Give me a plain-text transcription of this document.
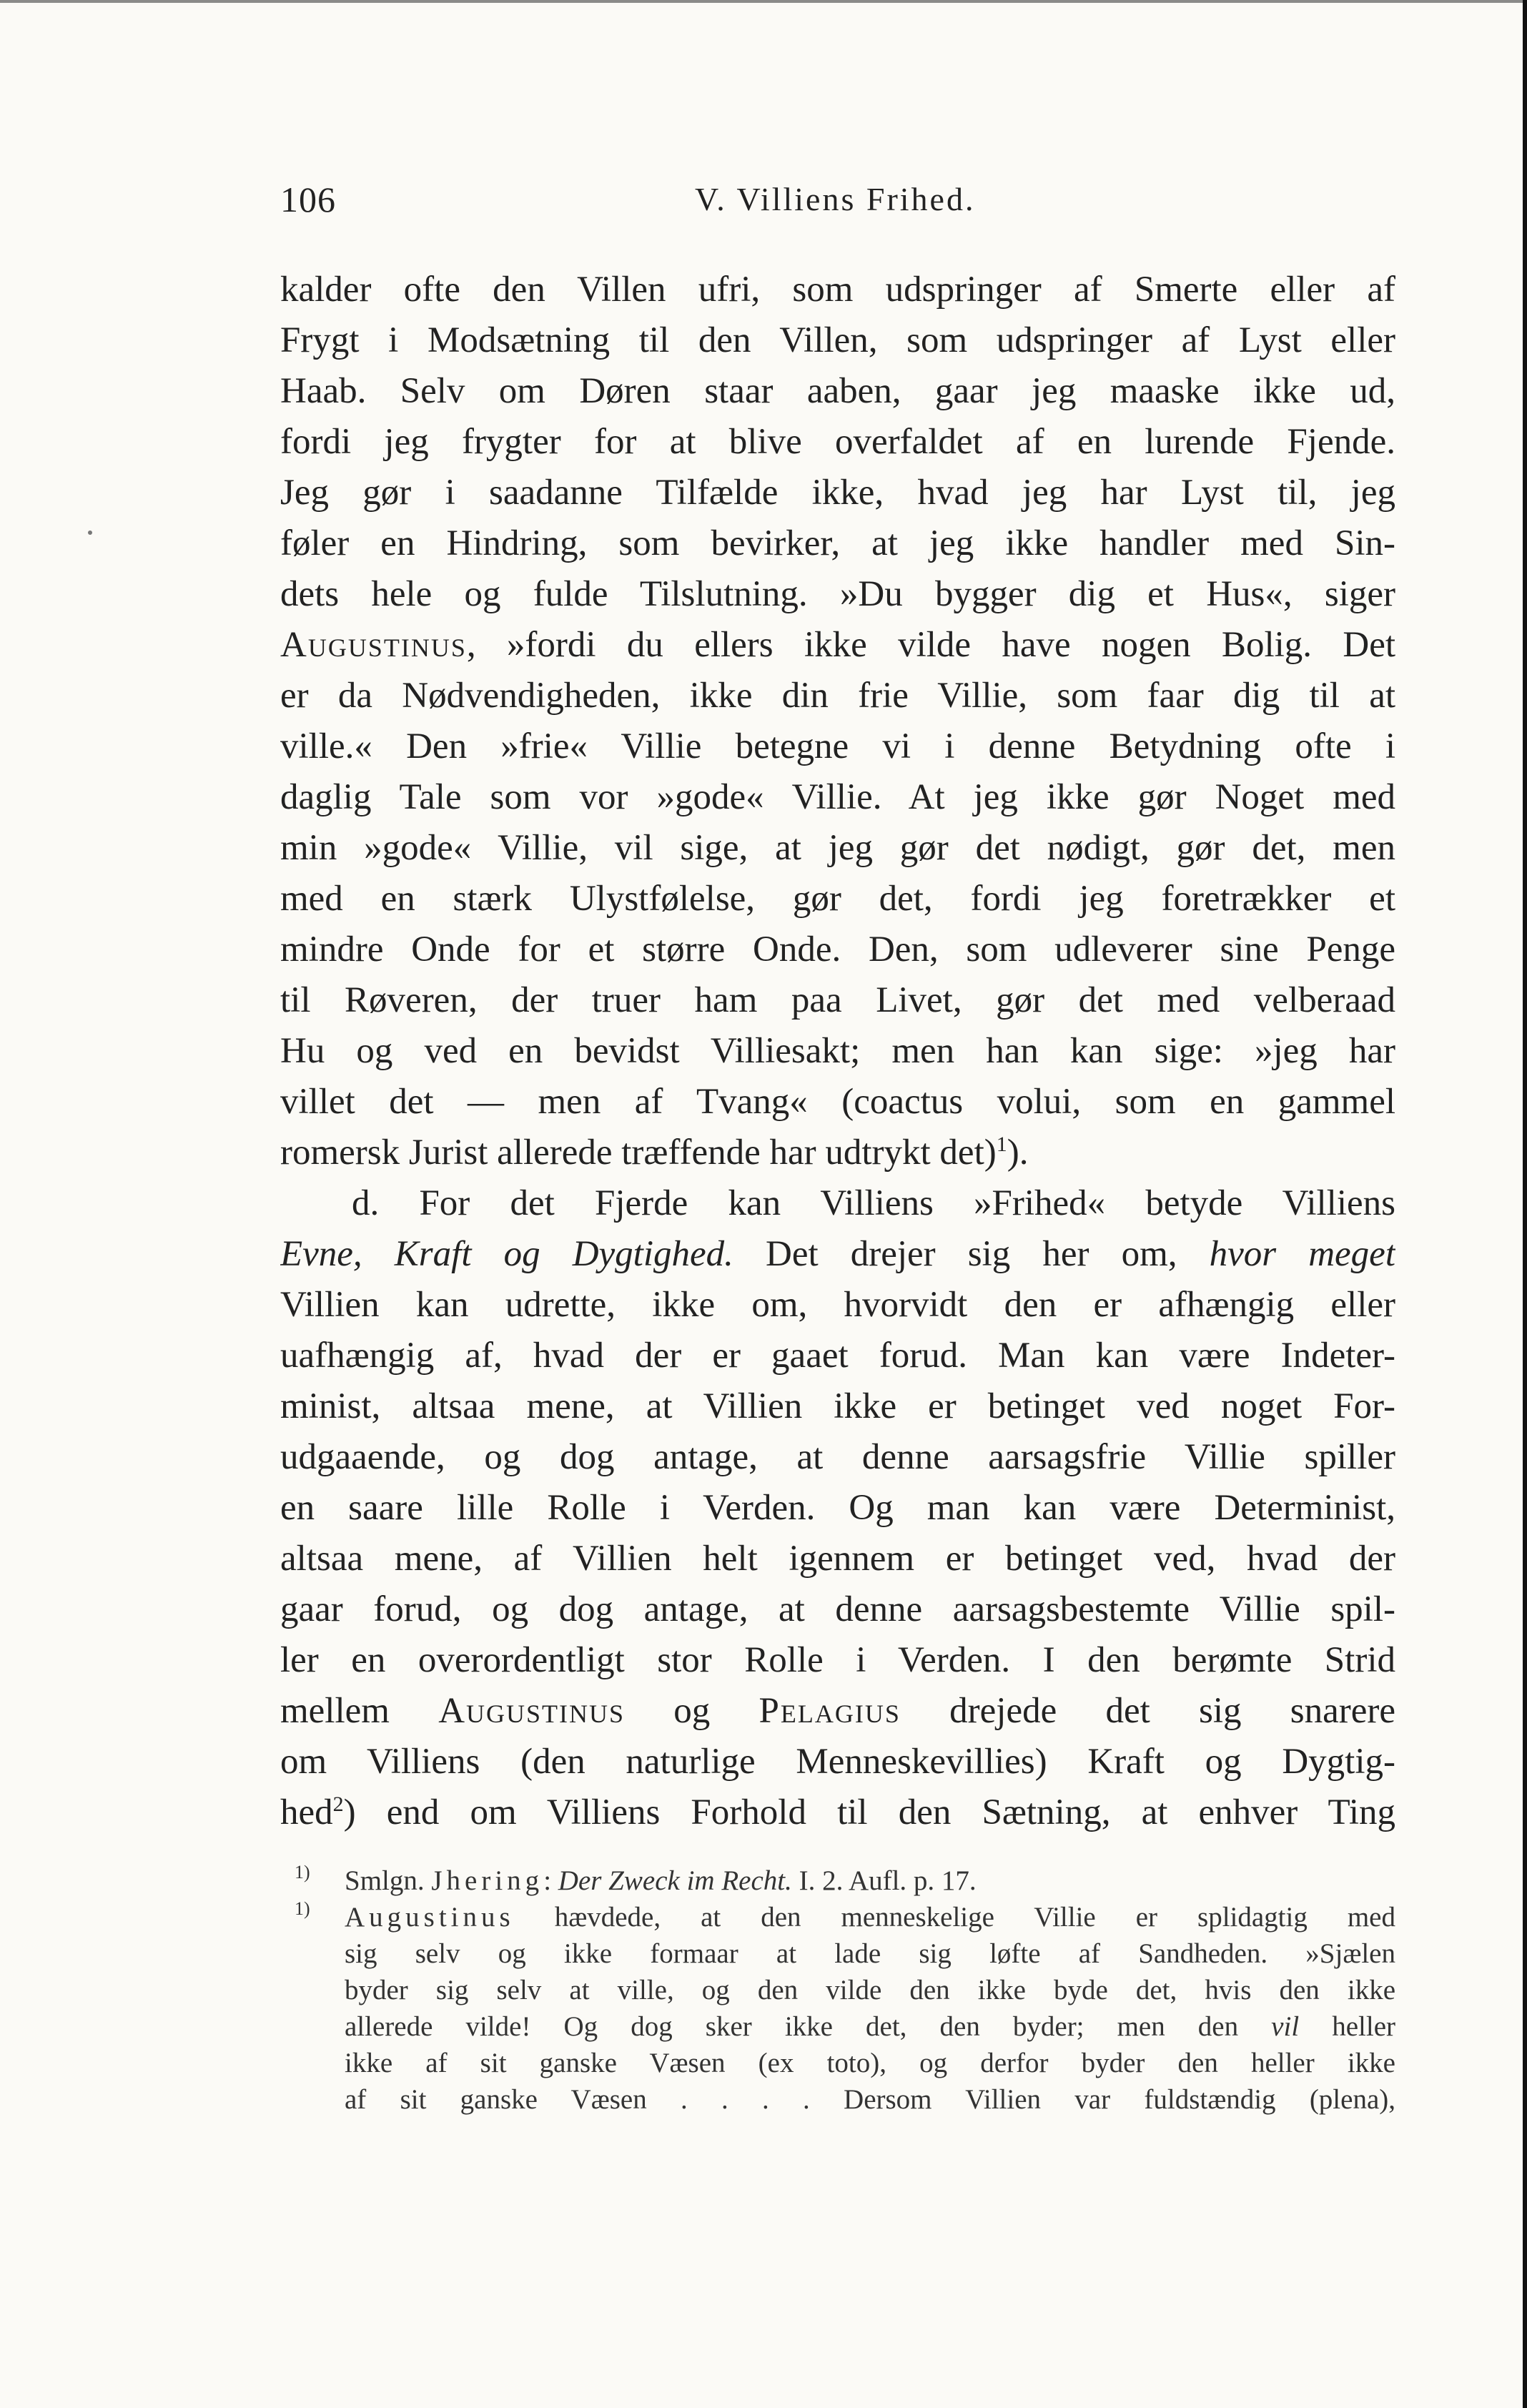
106	V. Villiens Frihed.
kalder ofte den Villen ufri, som udspringer af Smerte eller af
Frygt i Modsætning til den Villen, som udspringer af Lyst eller
Haab. Selv om Døren staar aaben, gaar jeg maaske ikke ud,
fordi jeg frygter for at blive overfaldet af en lurende Fjende.
Jeg gør i saadanne Tilfælde ikke, hvad jeg har Lyst til, jeg
føler en Hindring, som bevirker, at jeg ikke handler med Sin-
dets hele og fulde Tilslutning. »Du bygger dig et Hus«, siger
Augustinus, »fordi du ellers ikke vilde have nogen Bolig. Det
er da Nødvendigheden, ikke din frie Villie, som faar dig til at
ville.« Den »frie« Villie betegne vi i denne Betydning ofte i
daglig Tale som vor »gode« Villie. At jeg ikke gør Noget med
min »gode« Villie, vil sige, at jeg gør det nødigt, gør det, men
med en stærk Ulystfølelse, gør det, fordi jeg foretrækker et
mindre Onde for et større Onde. Den, som udleverer sine Penge
til Røveren, der truer ham paa Livet, gør det med velberaad
Hu og ved en bevidst Villiesakt; men han kan sige: »jeg har
villet det — men af Tvang« (coactus volui, som en gammel
romersk Jurist allerede træffende har udtrykt det)$^1$).
d. For det Fjerde kan Villiens »Frihed« betyde Villiens
Evne, Kraft og Dygtighed. Det drejer sig her om, hvor meget
Villien kan udrette, ikke om, hvorvidt den er afhængig eller
uafhængig af, hvad der er gaaet forud. Man kan være Indeter-
minist, altsaa mene, at Villien ikke er betinget ved noget For-
udgaaende, og dog antage, at denne aarsagsfrie Villie spiller
en saare lille Rolle i Verden. Og man kan være Determinist,
altsaa mene, af Villien helt igennem er betinget ved, hvad der
gaar forud, og dog antage, at denne aarsagsbestemte Villie spil-
ler en overordentligt stor Rolle i Verden. I den berømte Strid
mellem Augustinus og Pelagius drejede det sig snarere
om Villiens (den naturlige Menneskevillies) Kraft og Dygtig-
hed$^2$) end om Villiens Forhold til den Sætning, at enhver Ting
1) Smlgn. Jhering: Der Zweck im Recht. I. 2. Aufl. p. 17.
1) Augustinus hævdede, at den menneskelige Villie er splidagtig med
sig selv og ikke formaar at lade sig løfte af Sandheden. »Sjælen
byder sig selv at ville, og den vilde den ikke byde det, hvis den ikke
allerede vilde! Og dog sker ikke det, den byder; men den vil heller
ikke af sit ganske Væsen (ex toto), og derfor byder den heller ikke
af sit ganske Væsen . . . . Dersom Villien var fuldstændig (plena),
